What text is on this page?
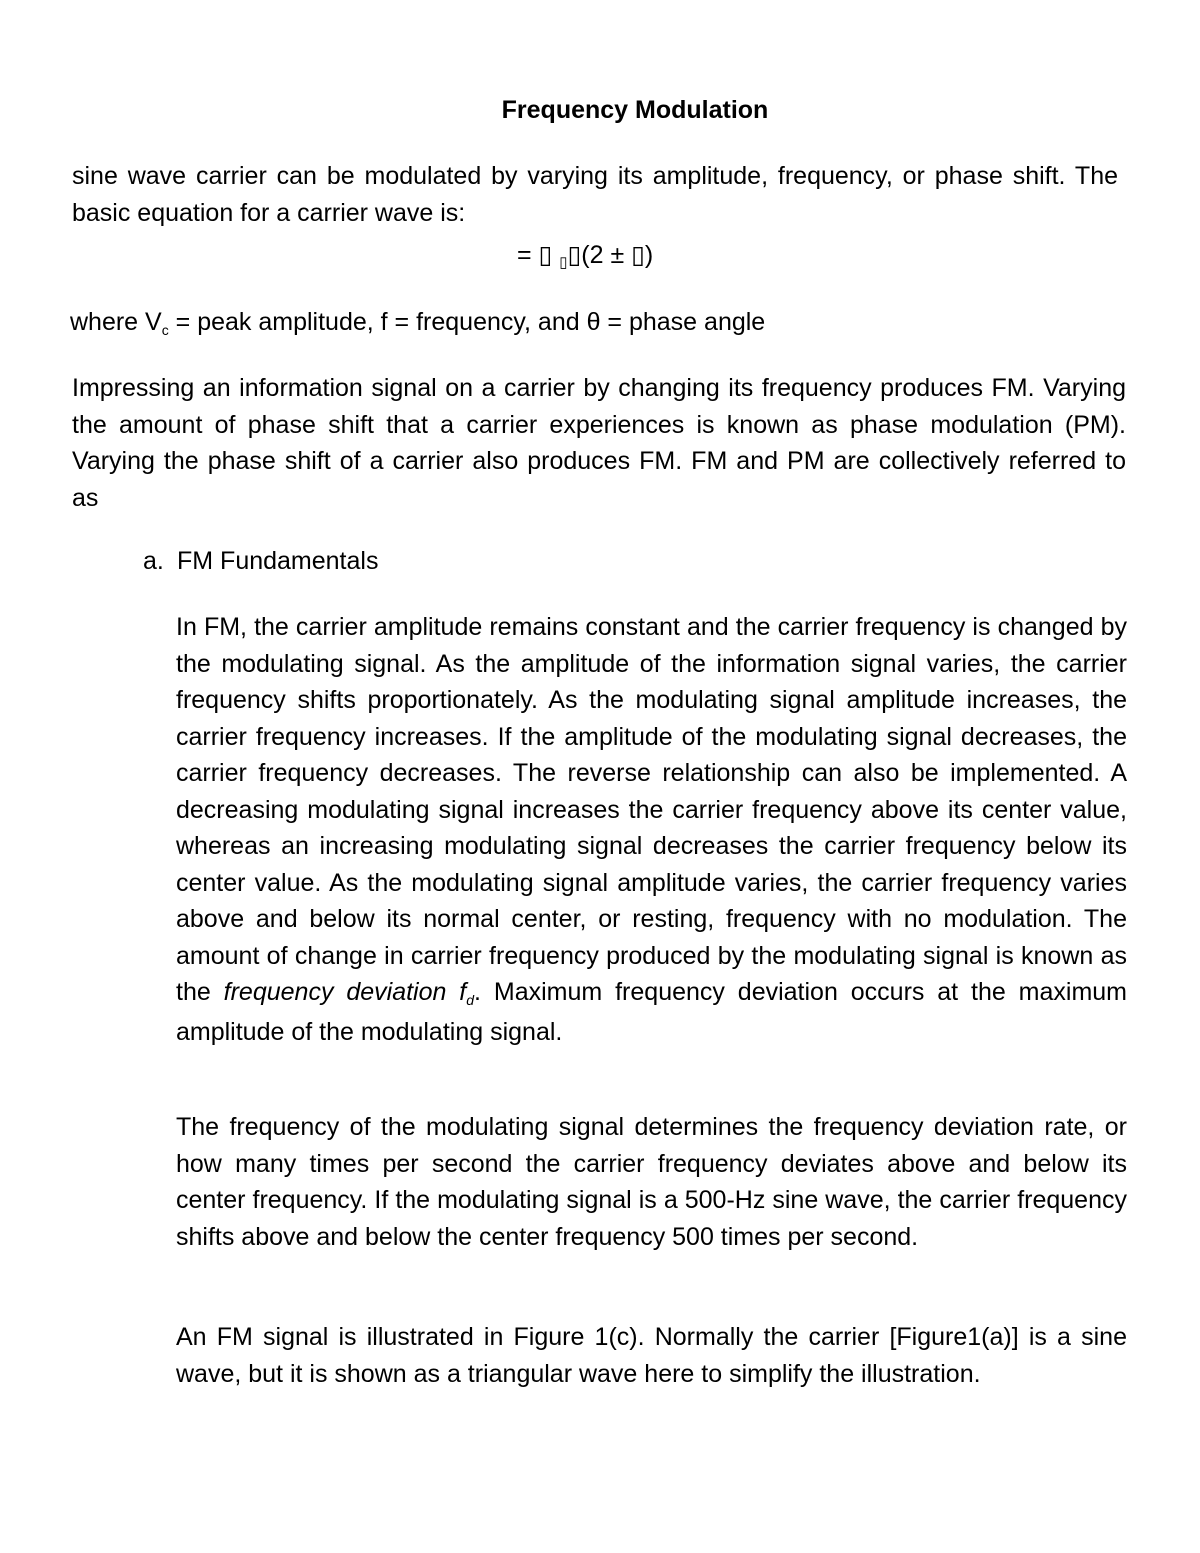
Frequency Modulation

sine wave carrier can be modulated by varying its amplitude, frequency, or phase shift. The basic equation for a carrier wave is:

= ▯ ▯▯(2 ± ▯)

where $V_c$ = peak amplitude, f = frequency, and θ = phase angle

Impressing an information signal on a carrier by changing its frequency produces FM. Varying the amount of phase shift that a carrier experiences is known as phase modulation (PM). Varying the phase shift of a carrier also produces FM. FM and PM are collectively referred to as

a. FM Fundamentals

In FM, the carrier amplitude remains constant and the carrier frequency is changed by the modulating signal. As the amplitude of the information signal varies, the carrier frequency shifts proportionately. As the modulating signal amplitude increases, the carrier frequency increases. If the amplitude of the modulating signal decreases, the carrier frequency decreases. The reverse relationship can also be implemented. A decreasing modulating signal increases the carrier frequency above its center value, whereas an increasing modulating signal decreases the carrier frequency below its center value. As the modulating signal amplitude varies, the carrier frequency varies above and below its normal center, or resting, frequency with no modulation. The amount of change in carrier frequency produced by the modulating signal is known as the frequency deviation $f_d$. Maximum frequency deviation occurs at the maximum amplitude of the modulating signal.

The frequency of the modulating signal determines the frequency deviation rate, or how many times per second the carrier frequency deviates above and below its center frequency. If the modulating signal is a 500-Hz sine wave, the carrier frequency shifts above and below the center frequency 500 times per second.

An FM signal is illustrated in Figure 1(c). Normally the carrier [Figure1(a)] is a sine wave, but it is shown as a triangular wave here to simplify the illustration.
